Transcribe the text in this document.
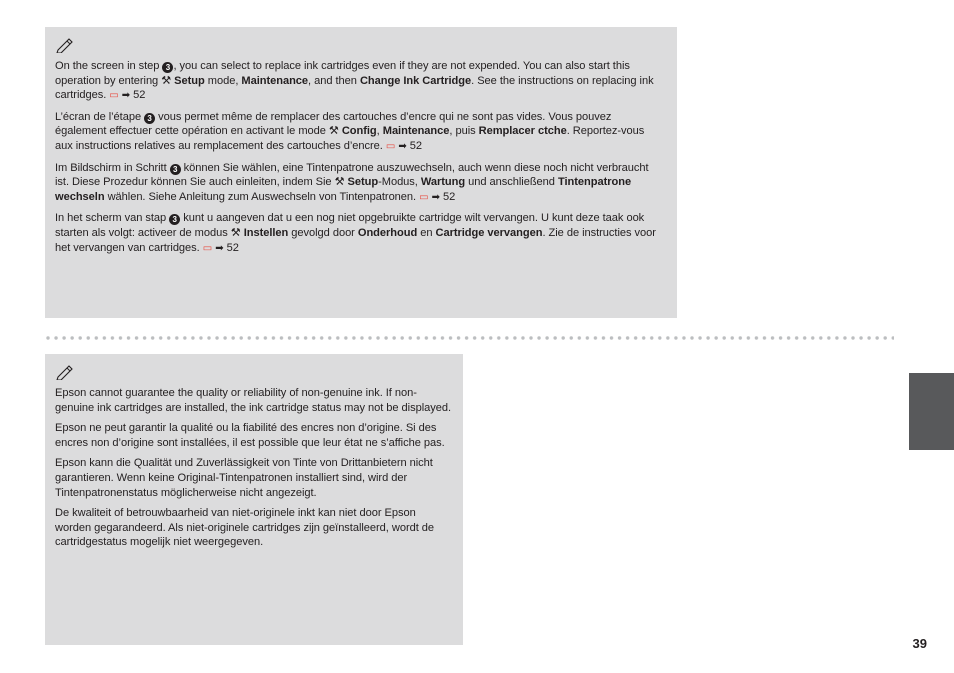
On the screen in step 3 , you can select to replace ink cartridges even if they are not expended. You can also start this operation by entering ⚒ Setup mode, Maintenance, and then Change Ink Cartridge. See the instructions on replacing ink cartridges. ▭ ➡ 52

L’écran de l’étape 3 vous permet même de remplacer des cartouches d’encre qui ne sont pas vides. Vous pouvez également effectuer cette opération en activant le mode ⚒ Config, Maintenance, puis Remplacer ctche. Reportez-vous aux instructions relatives au remplacement des cartouches d’encre. ▭ ➡ 52

Im Bildschirm in Schritt 3 können Sie wählen, eine Tintenpatrone auszuwechseln, auch wenn diese noch nicht verbraucht ist. Diese Prozedur können Sie auch einleiten, indem Sie ⚒ Setup-Modus, Wartung und anschließend Tintenpatrone wechseln wählen. Siehe Anleitung zum Auswechseln von Tintenpatronen. ▭ ➡ 52

In het scherm van stap 3 kunt u aangeven dat u een nog niet opgebruikte cartridge wilt vervangen. U kunt deze taak ook starten als volgt: activeer de modus ⚒ Instellen gevolgd door Onderhoud en Cartridge vervangen. Zie de instructies voor het vervangen van cartridges. ▭ ➡ 52

Epson cannot guarantee the quality or reliability of non-genuine ink. If non-genuine ink cartridges are installed, the ink cartridge status may not be displayed.

Epson ne peut garantir la qualité ou la fiabilité des encres non d’origine. Si des encres non d’origine sont installées, il est possible que leur état ne s’affiche pas.

Epson kann die Qualität und Zuverlässigkeit von Tinte von Drittanbietern nicht garantieren. Wenn keine Original-Tintenpatronen installiert sind, wird der Tintenpatronenstatus möglicherweise nicht angezeigt.

De kwaliteit of betrouwbaarheid van niet-originele inkt kan niet door Epson worden gegarandeerd. Als niet-originele cartridges zijn geïnstalleerd, wordt de cartridgestatus mogelijk niet weergegeven.

39
